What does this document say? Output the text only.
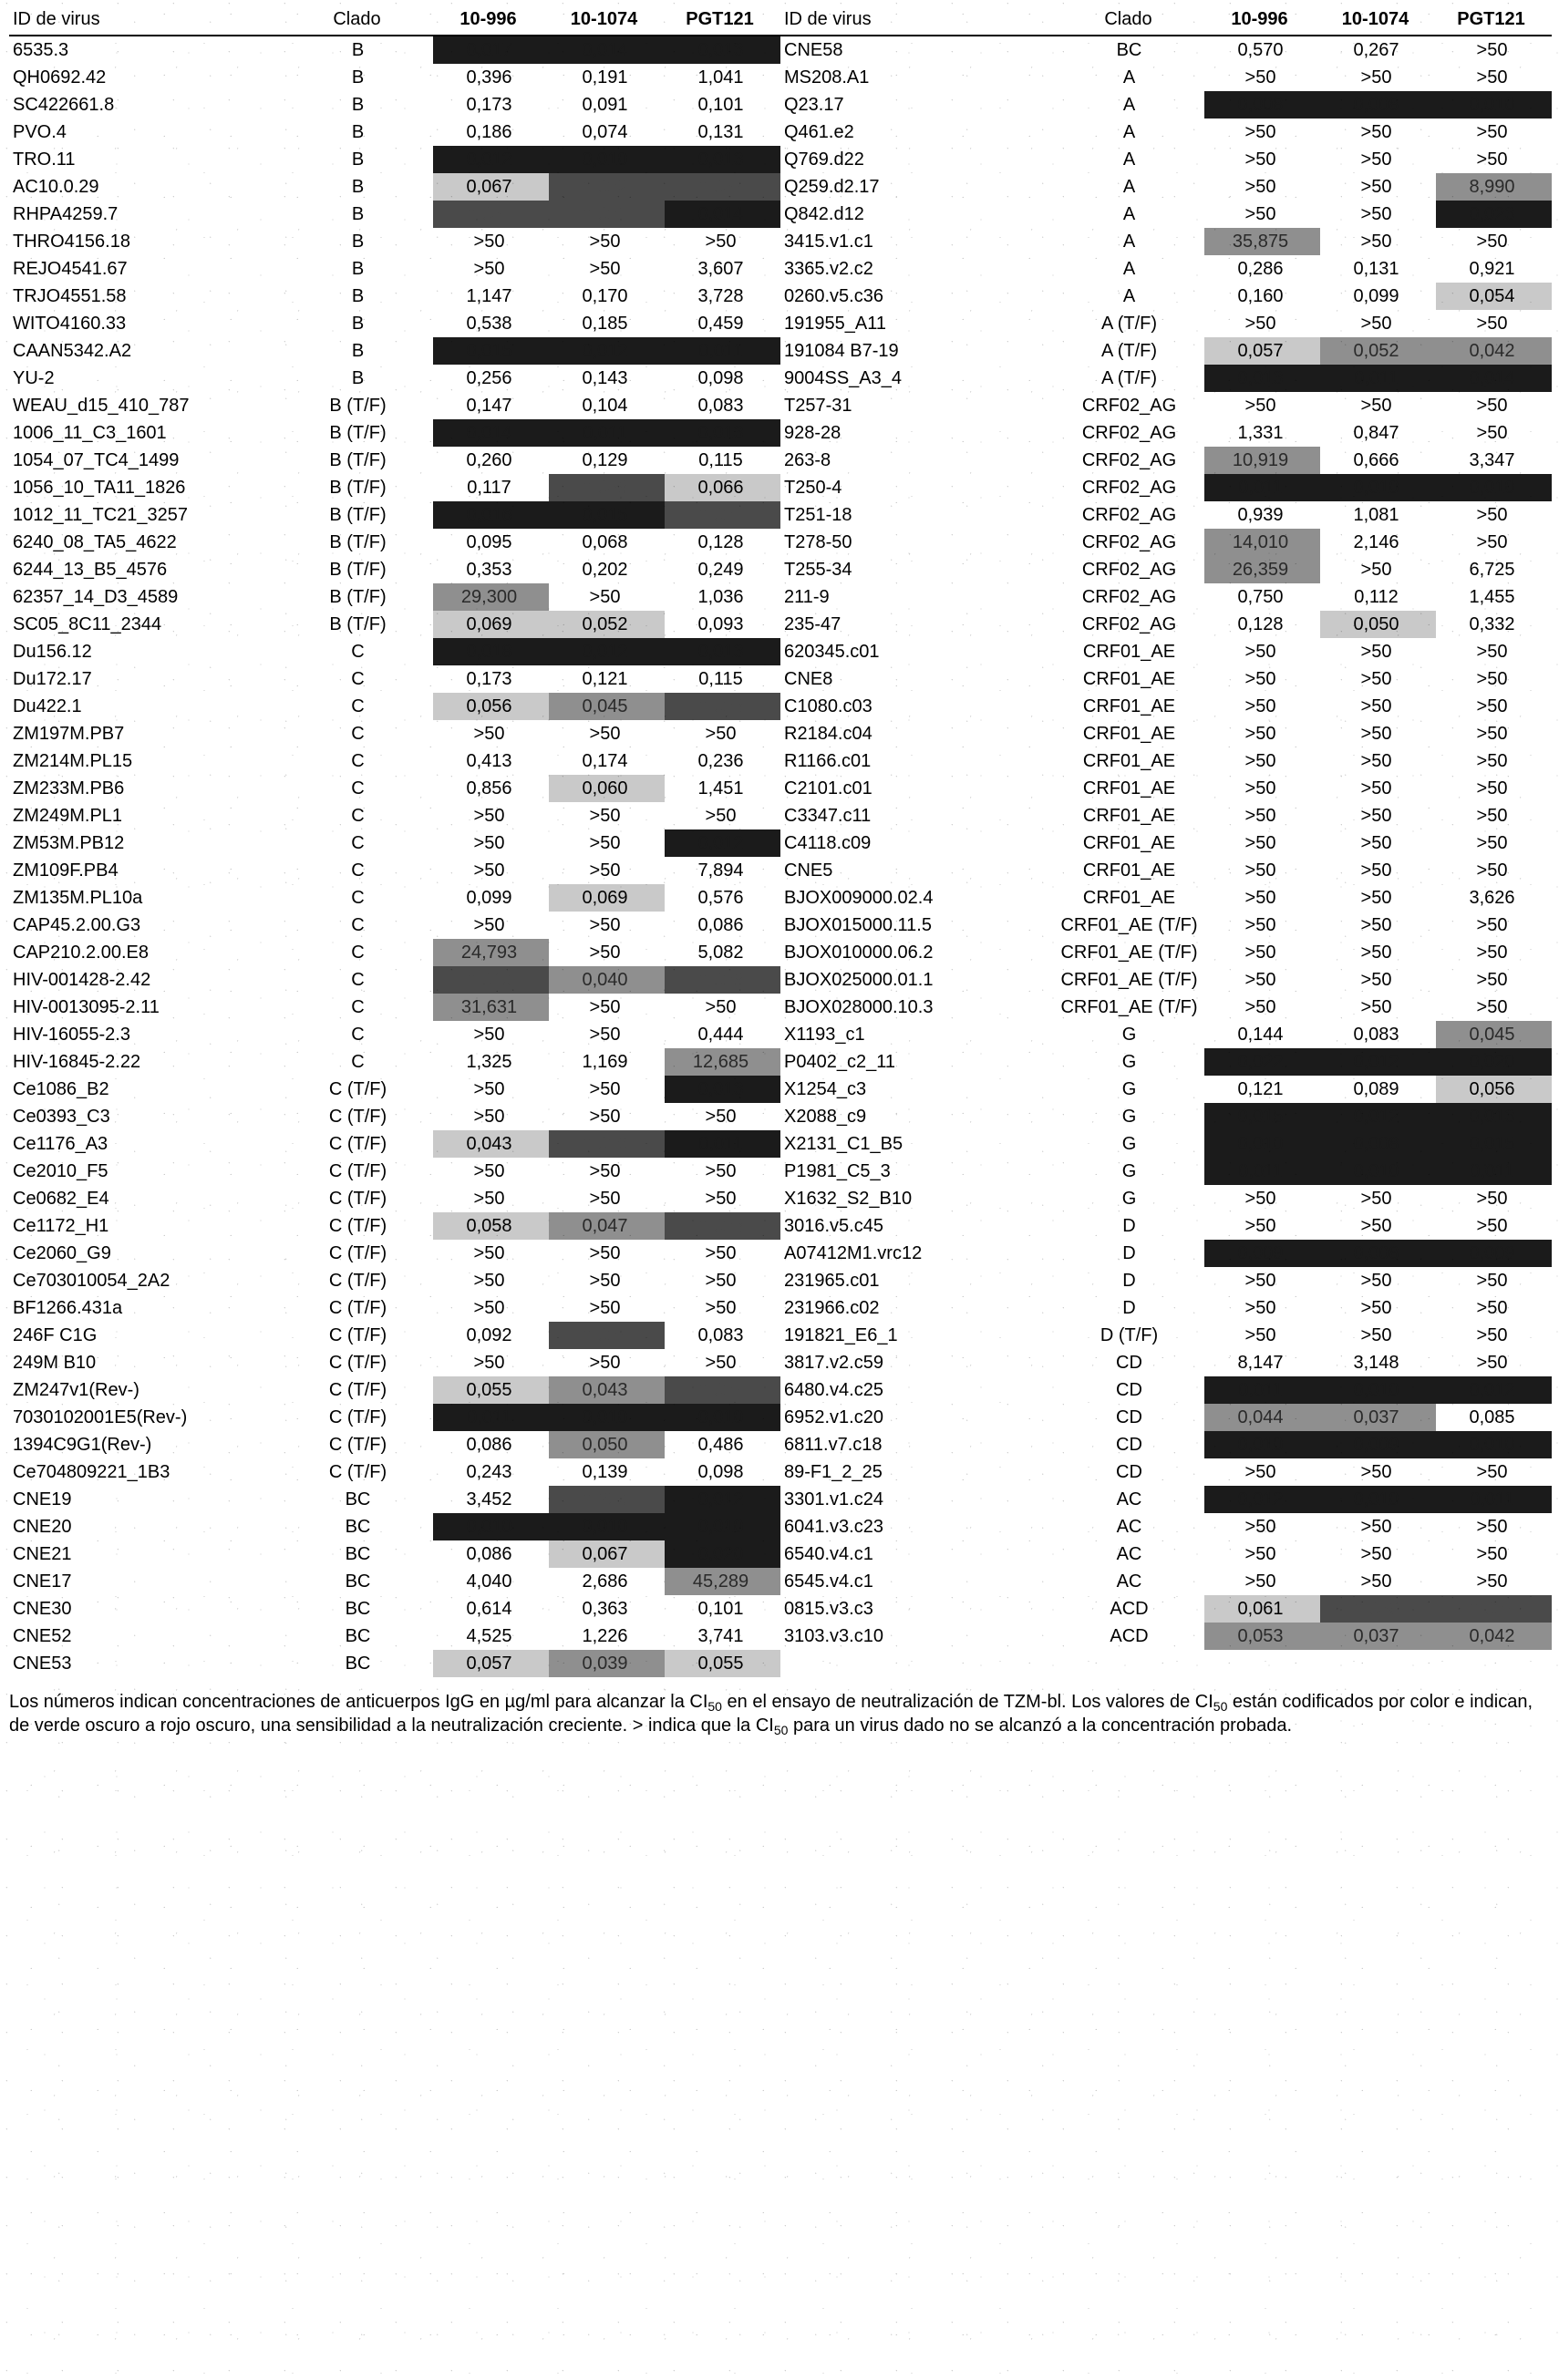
ID de virus	Clado	10-996	10-1074	PGT121
6535.3	B	0,017	0,014	0,013
QH0692.42	B	0,396	0,191	1,041
SC422661.8	B	0,173	0,091	0,101
PVO.4	B	0,186	0,074	0,131
TRO.11	B	0,012	0,010	0,013
AC10.0.29	B	0,067	0,022	0,037
RHPA4259.7	B	0,034	0,021	0,014
THRO4156.18	B	>50	>50	>50
REJO4541.67	B	>50	>50	3,607
TRJO4551.58	B	1,147	0,170	3,728
WITO4160.33	B	0,538	0,185	0,459
CAAN5342.A2	B	0,015	0,012	0,011
YU-2	B	0,256	0,143	0,098
WEAU_d15_410_787	B (T/F)	0,147	0,104	0,083
1006_11_C3_1601	B (T/F)	0,014	0,011	0,013
1054_07_TC4_1499	B (T/F)	0,260	0,129	0,115
1056_10_TA11_1826	B (T/F)	0,117	0,038	0,066
1012_11_TC21_3257	B (T/F)	0,016	0,015	0,024
6240_08_TA5_4622	B (T/F)	0,095	0,068	0,128
6244_13_B5_4576	B (T/F)	0,353	0,202	0,249
62357_14_D3_4589	B (T/F)	29,300	>50	1,036
SC05_8C11_2344	B (T/F)	0,069	0,052	0,093
Du156.12	C	0,018	0,012	0,013
Du172.17	C	0,173	0,121	0,115
Du422.1	C	0,056	0,045	0,023
ZM197M.PB7	C	>50	>50	>50
ZM214M.PL15	C	0,413	0,174	0,236
ZM233M.PB6	C	0,856	0,060	1,451
ZM249M.PL1	C	>50	>50	>50
ZM53M.PB12	C	>50	>50	0,012
ZM109F.PB4	C	>50	>50	7,894
ZM135M.PL10a	C	0,099	0,069	0,576
CAP45.2.00.G3	C	>50	>50	0,086
CAP210.2.00.E8	C	24,793	>50	5,082
HIV-001428-2.42	C	0,040	0,040	0,028
HIV-0013095-2.11	C	31,631	>50	>50
HIV-16055-2.3	C	>50	>50	0,444
HIV-16845-2.22	C	1,325	1,169	12,685
Ce1086_B2	C (T/F)	>50	>50	0,013
Ce0393_C3	C (T/F)	>50	>50	>50
Ce1176_A3	C (T/F)	0,043	0,019	0,011
Ce2010_F5	C (T/F)	>50	>50	>50
Ce0682_E4	C (T/F)	>50	>50	>50
Ce1172_H1	C (T/F)	0,058	0,047	0,023
Ce2060_G9	C (T/F)	>50	>50	>50
Ce703010054_2A2	C (T/F)	>50	>50	>50
BF1266.431a	C (T/F)	>50	>50	>50
246F C1G	C (T/F)	0,092	0,027	0,083
249M B10	C (T/F)	>50	>50	>50
ZM247v1(Rev-)	C (T/F)	0,055	0,043	0,027
7030102001E5(Rev-)	C (T/F)	0,011	0,010	0,010
1394C9G1(Rev-)	C (T/F)	0,086	0,050	0,486
Ce704809221_1B3	C (T/F)	0,243	0,139	0,098
CNE19	BC	3,452	0,200	0,012
CNE20	BC	0,010	0,010	0,010
CNE21	BC	0,086	0,067	0,020
CNE17	BC	4,040	2,686	45,289
CNE30	BC	0,614	0,363	0,101
CNE52	BC	4,525	1,226	3,741
CNE53	BC	0,057	0,039	0,055
ID de virus	Clado	10-996	10-1074	PGT121
CNE58	BC	0,570	0,267	>50
MS208.A1	A	>50	>50	>50
Q23.17	A	0,008	0,008	0,010
Q461.e2	A	>50	>50	>50
Q769.d22	A	>50	>50	>50
Q259.d2.17	A	>50	>50	8,990
Q842.d12	A	>50	>50	0,023
3415.v1.c1	A	35,875	>50	>50
3365.v2.c2	A	0,286	0,131	0,921
0260.v5.c36	A	0,160	0,099	0,054
191955_A11	A (T/F)	>50	>50	>50
191084 B7-19	A (T/F)	0,057	0,052	0,042
9004SS_A3_4	A (T/F)	0,013	0,011	0,014
T257-31	CRF02_AG	>50	>50	>50
928-28	CRF02_AG	1,331	0,847	>50
263-8	CRF02_AG	10,919	0,666	3,347
T250-4	CRF02_AG	0,011	0,010	0,010
T251-18	CRF02_AG	0,939	1,081	>50
T278-50	CRF02_AG	14,010	2,146	>50
T255-34	CRF02_AG	26,359	>50	6,725
211-9	CRF02_AG	0,750	0,112	1,455
235-47	CRF02_AG	0,128	0,050	0,332
620345.c01	CRF01_AE	>50	>50	>50
CNE8	CRF01_AE	>50	>50	>50
C1080.c03	CRF01_AE	>50	>50	>50
R2184.c04	CRF01_AE	>50	>50	>50
R1166.c01	CRF01_AE	>50	>50	>50
C2101.c01	CRF01_AE	>50	>50	>50
C3347.c11	CRF01_AE	>50	>50	>50
C4118.c09	CRF01_AE	>50	>50	>50
CNE5	CRF01_AE	>50	>50	>50
BJOX009000.02.4	CRF01_AE	>50	>50	3,626
BJOX015000.11.5	CRF01_AE (T/F)	>50	>50	>50
BJOX010000.06.2	CRF01_AE (T/F)	>50	>50	>50
BJOX025000.01.1	CRF01_AE (T/F)	>50	>50	>50
BJOX028000.10.3	CRF01_AE (T/F)	>50	>50	>50
X1193_c1	G	0,144	0,083	0,045
P0402_c2_11	G	0,022	0,012	0,020
X1254_c3	G	0,121	0,089	0,056
X2088_c9	G	0,015	0,012	0,013
X2131_C1_B5	G	0,010	0,008	0,015
P1981_C5_3	G	0,011	0,010	0,011
X1632_S2_B10	G	>50	>50	>50
3016.v5.c45	D	>50	>50	>50
A07412M1.vrc12	D	0,009	0,008	0,009
231965.c01	D	>50	>50	>50
231966.c02	D	>50	>50	>50
191821_E6_1	D (T/F)	>50	>50	>50
3817.v2.c59	CD	8,147	3,148	>50
6480.v4.c25	CD	0,011	0,010	0,012
6952.v1.c20	CD	0,044	0,037	0,085
6811.v7.c18	CD	0,010	0,009	0,010
89-F1_2_25	CD	>50	>50	>50
3301.v1.c24	AC	0,012	0,010	0,011
6041.v3.c23	AC	>50	>50	>50
6540.v4.c1	AC	>50	>50	>50
6545.v4.c1	AC	>50	>50	>50
0815.v3.c3	ACD	0,061	0,036	0,027
3103.v3.c10	ACD	0,053	0,037	0,042
Los números indican concentraciones de anticuerpos IgG en µg/ml para alcanzar la $CI_{50}$ en el ensayo de neutralización de TZM-bl. Los valores de $CI_{50}$ están codificados por color e indican, de verde oscuro a rojo oscuro, una sensibilidad a la neutralización creciente. > indica que la $CI_{50}$ para un virus dado no se alcanzó a la concentración probada.
